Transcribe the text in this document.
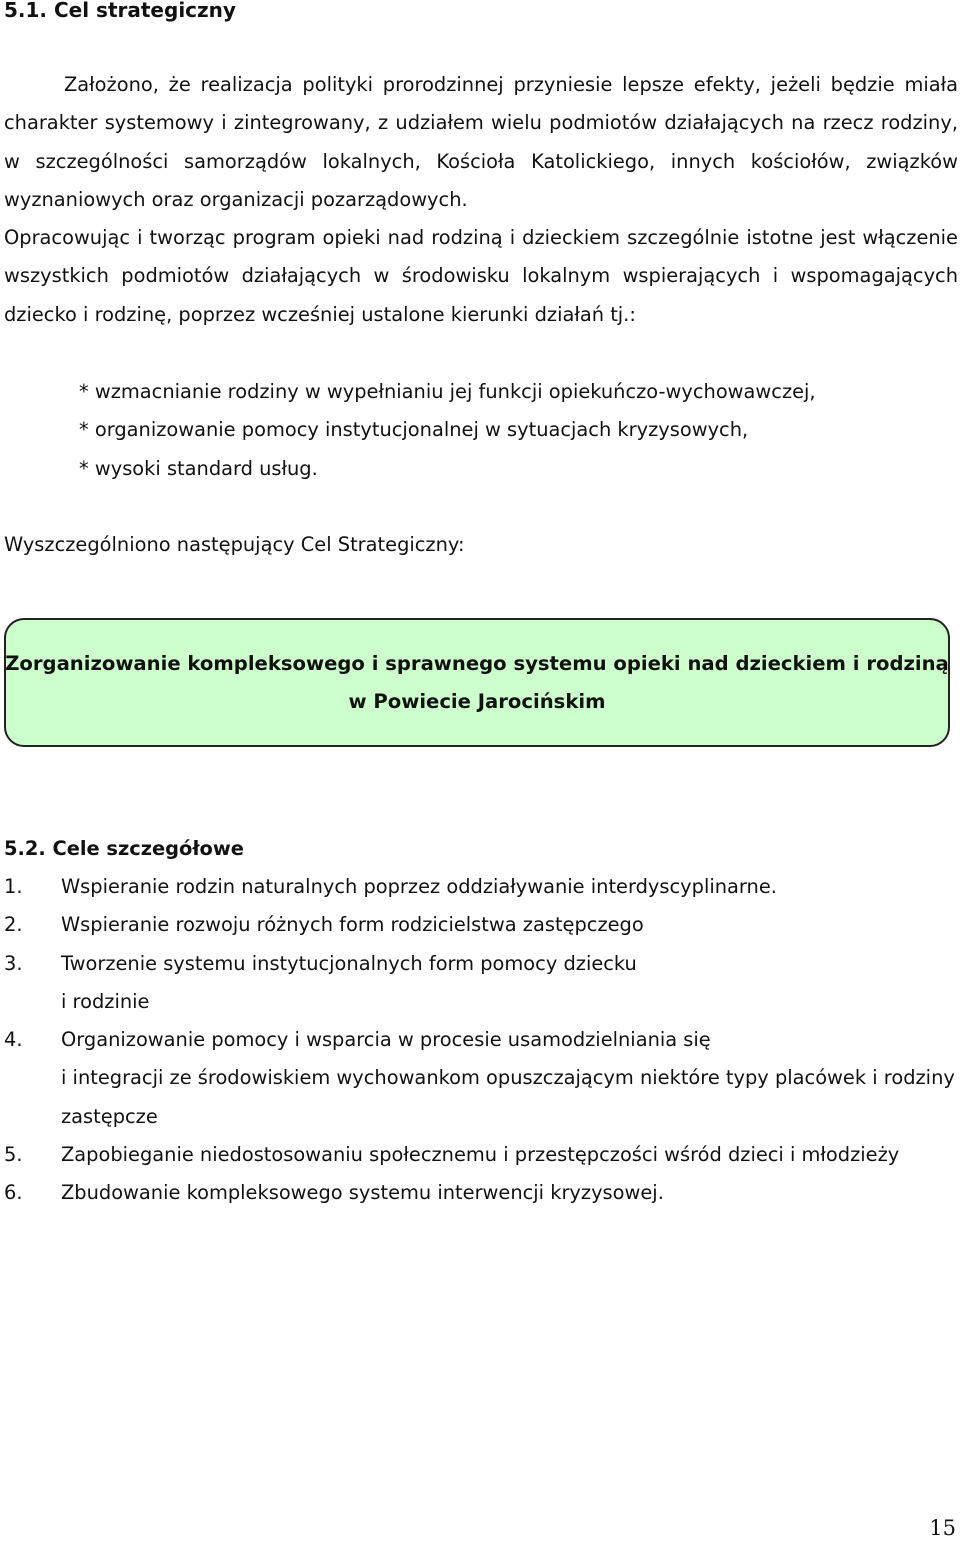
5.1. Cel strategiczny

Założono, że realizacja polityki prorodzinnej przyniesie lepsze efekty, jeżeli będzie miała charakter systemowy i zintegrowany, z udziałem wielu podmiotów działających na rzecz rodziny, w szczególności samorządów lokalnych, Kościoła Katolickiego, innych kościołów, związków wyznaniowych oraz organizacji pozarządowych.

Opracowując i tworząc program opieki nad rodziną i dzieckiem szczególnie istotne jest włączenie wszystkich podmiotów działających w środowisku lokalnym wspierających i wspomagających dziecko i rodzinę, poprzez wcześniej ustalone kierunki działań tj.:

* wzmacnianie rodziny w wypełnianiu jej funkcji opiekuńczo-wychowawczej,
* organizowanie pomocy instytucjonalnej w sytuacjach kryzysowych,
* wysoki standard usług.
Wyszczególniono następujący Cel Strategiczny:
Zorganizowanie kompleksowego i sprawnego systemu opieki nad dzieckiem i rodziną
w Powiecie Jarocińskim
5.2. Cele szczegółowe
1.	Wspieranie rodzin naturalnych poprzez oddziaływanie interdyscyplinarne.
2.	Wspieranie rozwoju różnych form rodzicielstwa zastępczego
3.	Tworzenie systemu instytucjonalnych form pomocy dziecku
i rodzinie
4.	Organizowanie pomocy i wsparcia w procesie usamodzielniania się
i integracji ze środowiskiem wychowankom opuszczającym niektóre typy placówek i rodziny
zastępcze
5.	Zapobieganie niedostosowaniu społecznemu i przestępczości wśród dzieci i młodzieży
6.	Zbudowanie kompleksowego systemu interwencji kryzysowej.
15
